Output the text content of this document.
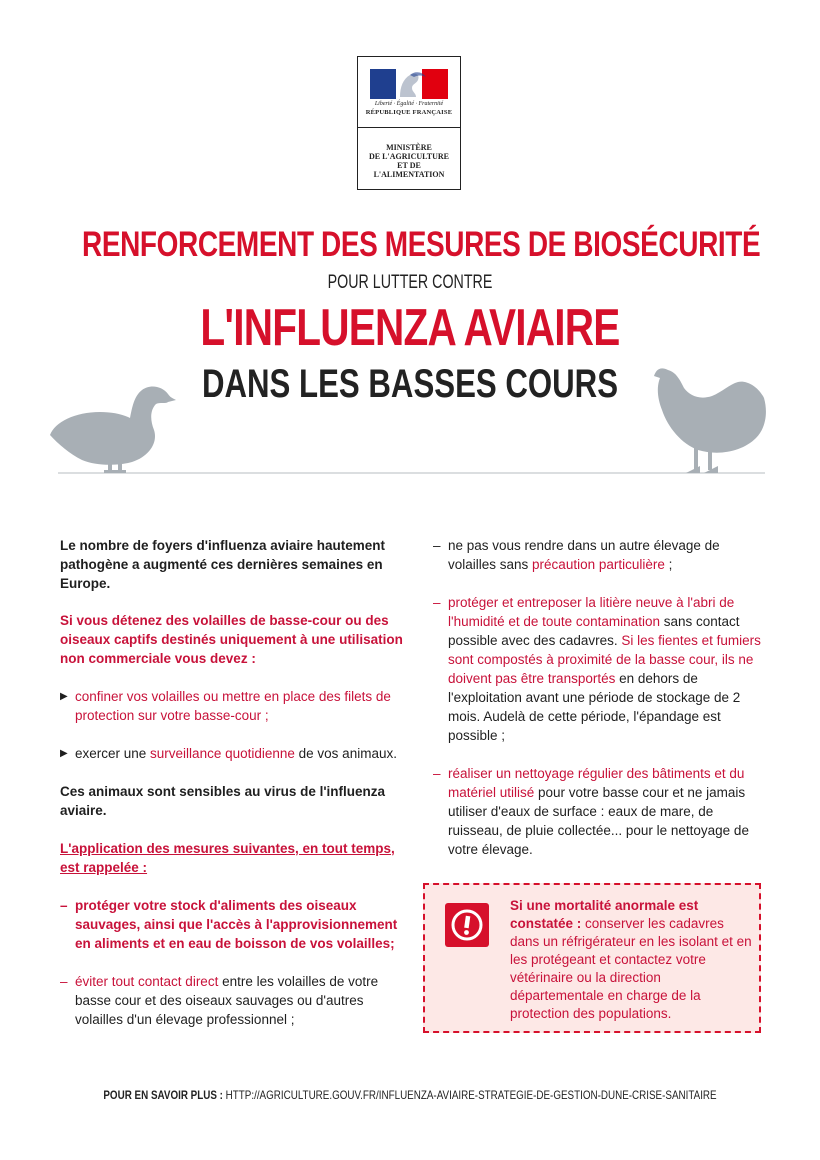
Liberté · Égalité · Fraternité
RÉPUBLIQUE FRANÇAISE
MINISTÈRE
DE L'AGRICULTURE
ET DE
L'ALIMENTATION
RENFORCEMENT DES MESURES DE BIOSÉCURITÉ
POUR LUTTER CONTRE
L'INFLUENZA AVIAIRE
DANS LES BASSES COURS

Le nombre de foyers d'influenza aviaire hautement pathogène a augmenté ces dernières semaines en Europe.

Si vous détenez des volailles de basse-cour ou des oiseaux captifs destinés uniquement à une utilisation non commerciale vous devez :

▶ confiner vos volailles ou mettre en place des filets de protection sur votre basse-cour ;
▶ exercer une surveillance quotidienne de vos animaux.

Ces animaux sont sensibles au virus de l'influenza aviaire.

L'application des mesures suivantes, en tout temps, est rappelée :

– protéger votre stock d'aliments des oiseaux sauvages, ainsi que l'accès à l'approvisionnement en aliments et en eau de boisson de vos volailles;
– éviter tout contact direct entre les volailles de votre basse cour et des oiseaux sauvages ou d'autres volailles d'un élevage professionnel ;
– ne pas vous rendre dans un autre élevage de volailles sans précaution particulière ;
– protéger et entreposer la litière neuve à l'abri de l'humidité et de toute contamination sans contact possible avec des cadavres. Si les fientes et fumiers sont compostés à proximité de la basse cour, ils ne doivent pas être transportés en dehors de l'exploitation avant une période de stockage de 2 mois. Audelà de cette période, l'épandage est possible ;
– réaliser un nettoyage régulier des bâtiments et du matériel utilisé pour votre basse cour et ne jamais utiliser d'eaux de surface : eaux de mare, de ruisseau, de pluie collectée... pour le nettoyage de votre élevage.
Si une mortalité anormale est constatée : conserver les cadavres dans un réfrigérateur en les isolant et en les protégeant et contactez votre vétérinaire ou la direction départementale en charge de la protection des populations.
POUR EN SAVOIR PLUS : HTTP://AGRICULTURE.GOUV.FR/INFLUENZA-AVIAIRE-STRATEGIE-DE-GESTION-DUNE-CRISE-SANITAIRE
